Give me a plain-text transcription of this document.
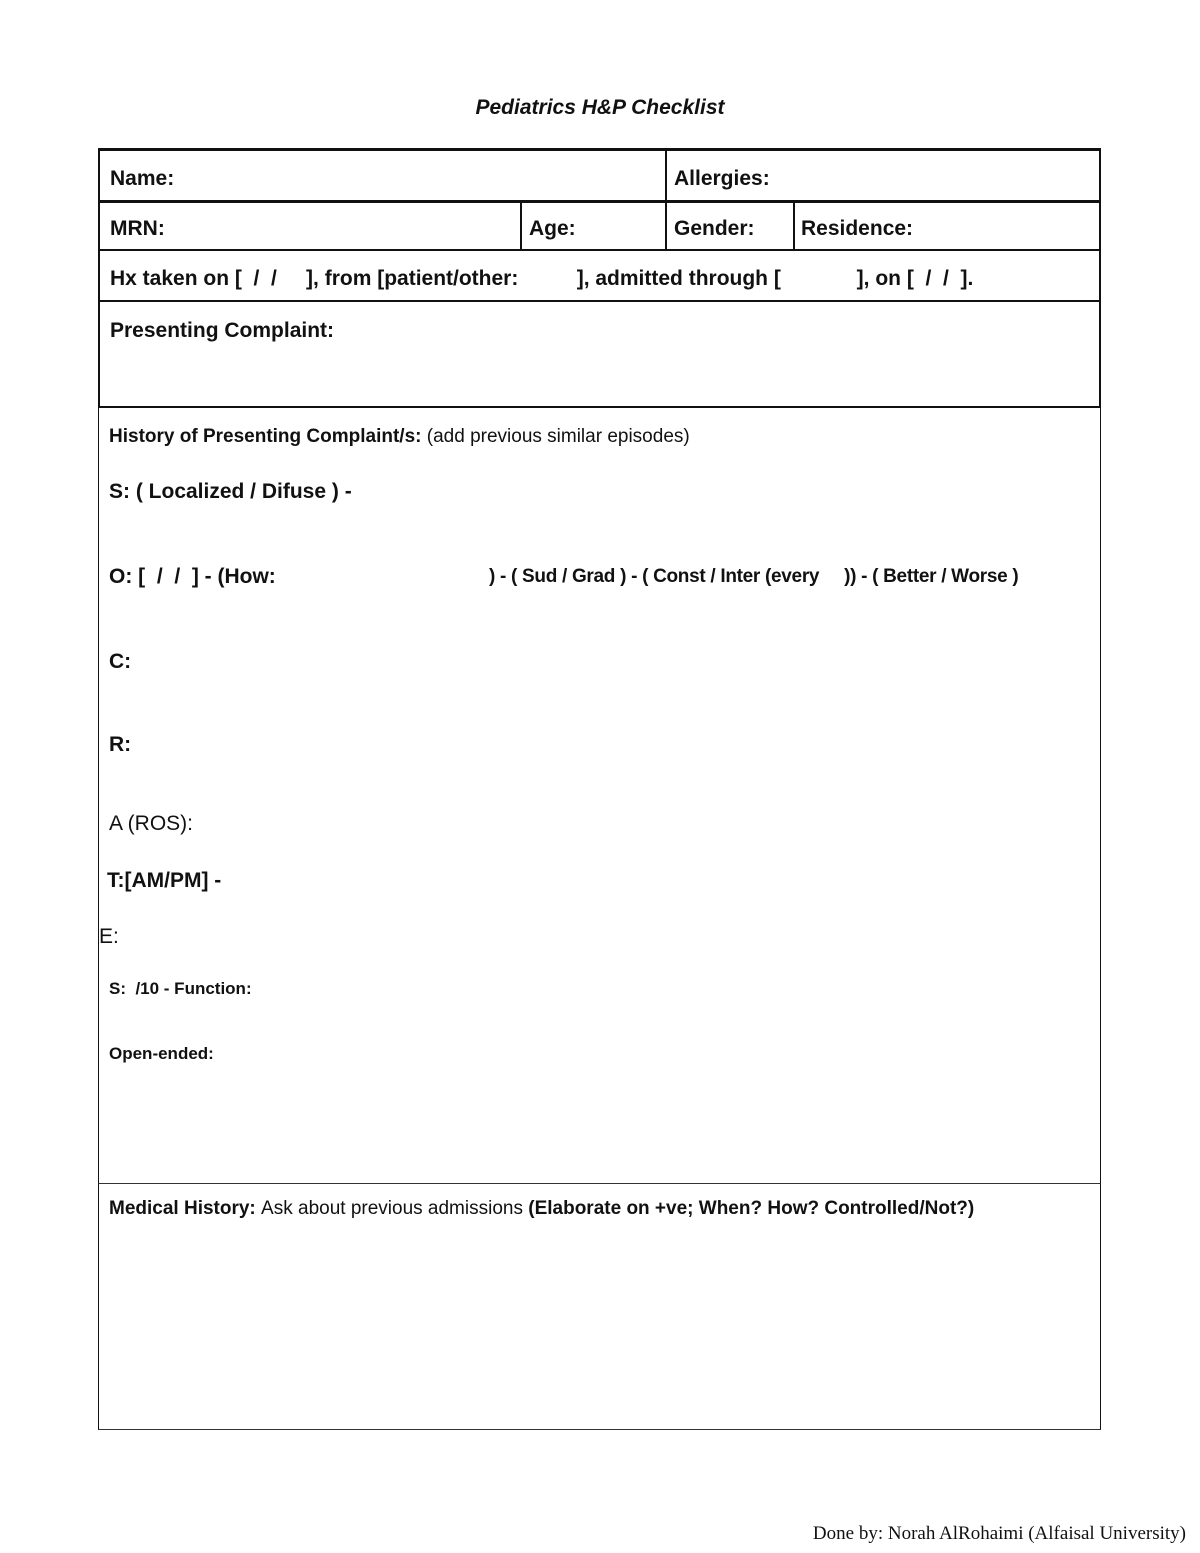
Pediatrics H&P Checklist
Name:	Allergies:
MRN:	Age:	Gender: Residence:
Hx taken on [  /  /     ], from [patient/other:          ], admitted through [             ], on [  /  /  ].
Presenting Complaint:
History of Presenting Complaint/s: (add previous similar episodes)
S: ( Localized / Difuse ) -
O: [  /  /  ] - (How:	) - ( Sud / Grad ) - ( Const / Inter (every     )) - ( Better / Worse )
C:
R:
A (ROS):
T:[AM/PM] -
E:
S:  /10 - Function:
Open-ended:
Medical History: Ask about previous admissions (Elaborate on +ve; When? How? Controlled/Not?)
Done by: Norah AlRohaimi (Alfaisal University)
